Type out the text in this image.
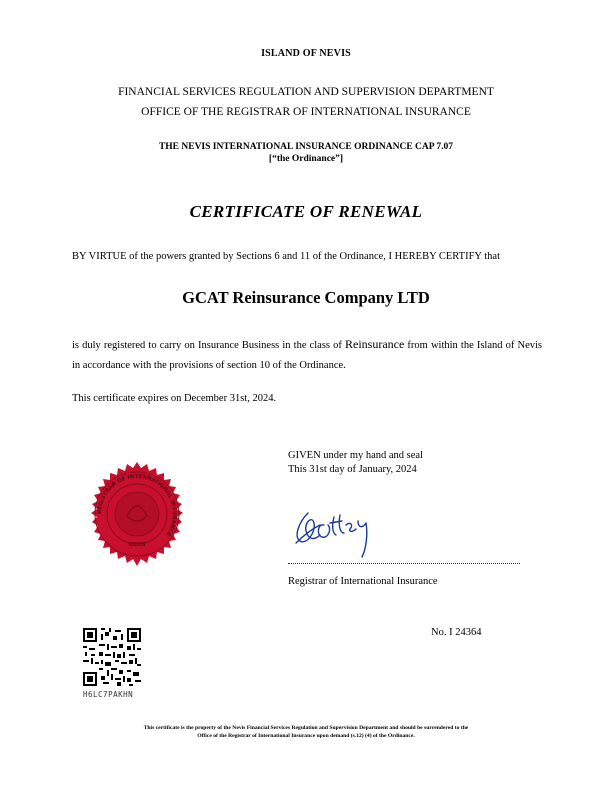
ISLAND OF NEVIS
FINANCIAL SERVICES REGULATION AND SUPERVISION DEPARTMENT
OFFICE OF THE REGISTRAR OF INTERNATIONAL INSURANCE
THE NEVIS INTERNATIONAL INSURANCE ORDINANCE CAP 7.07
[“the Ordinance”]
CERTIFICATE OF RENEWAL
BY VIRTUE of the powers granted by Sections 6 and 11 of the Ordinance, I HEREBY CERTIFY that
GCAT Reinsurance Company LTD
is duly registered to carry on Insurance Business in the class of Reinsurance from within the Island of Nevis in accordance with the provisions of section 10 of the Ordinance.
This certificate expires on December 31st, 2024.
GIVEN under my hand and seal
This 31st day of January, 2024
REGISTRAR OF INTERNATIONAL INSURANCE
NEVIS
Registrar of International Insurance
No. I 24364
H6LC7PAKHN
This certificate is the property of the Nevis Financial Services Regulation and Supervision Department and should be surrendered to the
Office of the Registrar of International Insurance upon demand (s.12) (4) of the Ordinance.
